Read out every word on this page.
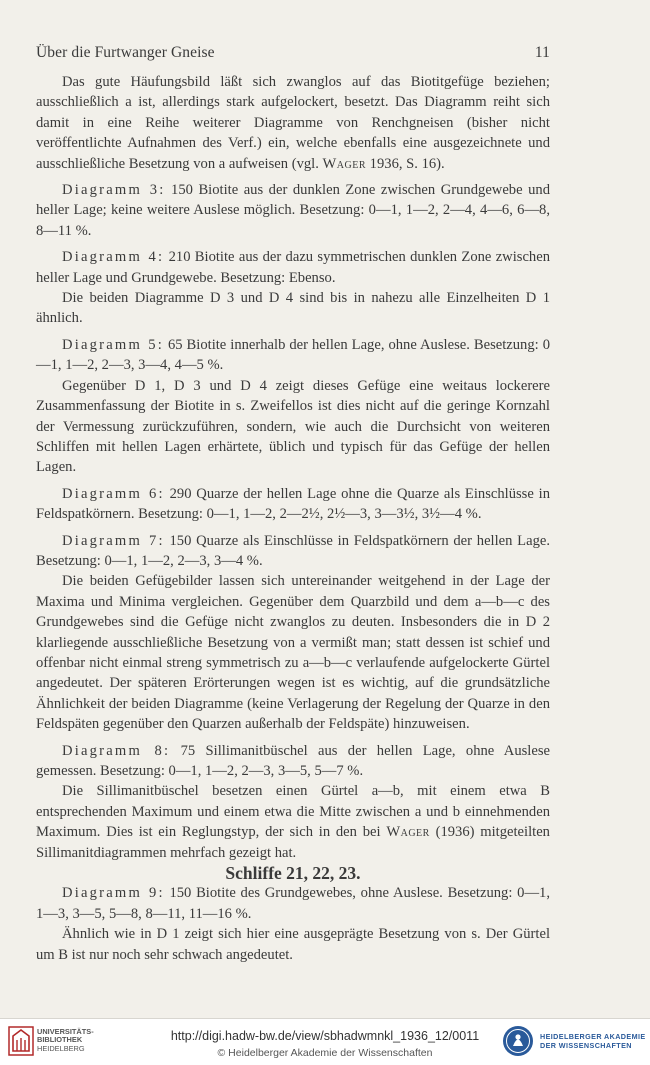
Über die Furtwanger Gneise	11

Das gute Häufungsbild läßt sich zwanglos auf das Biotitgefüge beziehen; ausschließlich a ist, allerdings stark aufgelockert, besetzt. Das Diagramm reiht sich damit in eine Reihe weiterer Diagramme von Renchgneisen (bisher nicht veröffentlichte Aufnahmen des Verf.) ein, welche ebenfalls eine ausgezeichnete und ausschließliche Besetzung von a aufweisen (vgl. Wager 1936, S. 16).

Diagramm 3: 150 Biotite aus der dunklen Zone zwischen Grundgewebe und heller Lage; keine weitere Auslese möglich. Besetzung: 0—1, 1—2, 2—4, 4—6, 6—8, 8—11 %.

Diagramm 4: 210 Biotite aus der dazu symmetrischen dunklen Zone zwischen heller Lage und Grundgewebe. Besetzung: Ebenso.

Die beiden Diagramme D 3 und D 4 sind bis in nahezu alle Einzelheiten D 1 ähnlich.

Diagramm 5: 65 Biotite innerhalb der hellen Lage, ohne Auslese. Besetzung: 0—1, 1—2, 2—3, 3—4, 4—5 %.

Gegenüber D 1, D 3 und D 4 zeigt dieses Gefüge eine weitaus lockerere Zusammenfassung der Biotite in s. Zweifellos ist dies nicht auf die geringe Kornzahl der Vermessung zurückzuführen, sondern, wie auch die Durchsicht von weiteren Schliffen mit hellen Lagen erhärtete, üblich und typisch für das Gefüge der hellen Lagen.

Diagramm 6: 290 Quarze der hellen Lage ohne die Quarze als Einschlüsse in Feldspatkörnern. Besetzung: 0—1, 1—2, 2—2½, 2½—3, 3—3½, 3½—4 %.

Diagramm 7: 150 Quarze als Einschlüsse in Feldspatkörnern der hellen Lage. Besetzung: 0—1, 1—2, 2—3, 3—4 %.

Die beiden Gefügebilder lassen sich untereinander weitgehend in der Lage der Maxima und Minima vergleichen. Gegenüber dem Quarzbild und dem a—b—c des Grundgewebes sind die Gefüge nicht zwanglos zu deuten. Insbesonders die in D 2 klarliegende ausschließliche Besetzung von a vermißt man; statt dessen ist schief und offenbar nicht einmal streng symmetrisch zu a—b—c verlaufende aufgelockerte Gürtel angedeutet. Der späteren Erörterungen wegen ist es wichtig, auf die grundsätzliche Ähnlichkeit der beiden Diagramme (keine Verlagerung der Regelung der Quarze in den Feldspäten gegenüber den Quarzen außerhalb der Feldspäte) hinzuweisen.

Diagramm 8: 75 Sillimanitbüschel aus der hellen Lage, ohne Auslese gemessen. Besetzung: 0—1, 1—2, 2—3, 3—5, 5—7 %.

Die Sillimanitbüschel besetzen einen Gürtel a—b, mit einem etwa B entsprechenden Maximum und einem etwa die Mitte zwischen a und b einnehmenden Maximum. Dies ist ein Reglungstyp, der sich in den bei Wager (1936) mitgeteilten Sillimanitdiagrammen mehrfach gezeigt hat.

Schliffe 21, 22, 23.

Diagramm 9: 150 Biotite des Grundgewebes, ohne Auslese. Besetzung: 0—1, 1—3, 3—5, 5—8, 8—11, 11—16 %.

Ähnlich wie in D 1 zeigt sich hier eine ausgeprägte Besetzung von s. Der Gürtel um B ist nur noch sehr schwach angedeutet.

UNIVERSITÄTS-
BIBLIOTHEK
HEIDELBERG
http://digi.hadw-bw.de/view/sbhadwmnkl_1936_12/0011
© Heidelberger Akademie der Wissenschaften
HEIDELBERGER AKADEMIE
DER WISSENSCHAFTEN
